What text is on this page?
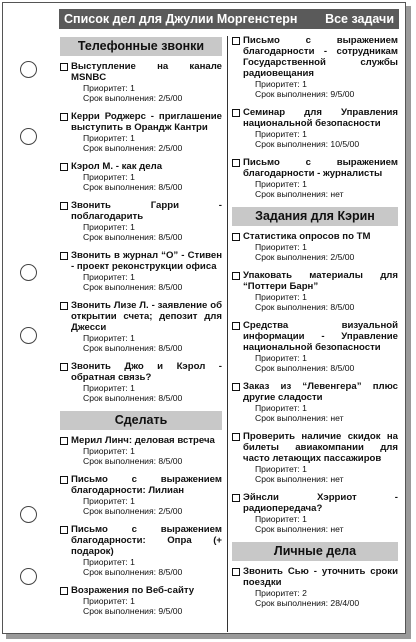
Список дел для Джулии Моргенстерн Все задачи
Телефонные звонки
Выступление на канале MSNBC
Приоритет: 1
Срок выполнения: 2/5/00
Керри Роджерс - приглашение выступить в Орандж Кантри
Приоритет: 1
Срок выполнения: 2/5/00
Кэрол М. - как дела
Приоритет: 1
Срок выполнения: 8/5/00
Звонить Гарри - поблагодарить
Приоритет: 1
Срок выполнения: 8/5/00
Звонить в журнал “О” - Стивен - проект реконструкции офиса
Приоритет: 1
Срок выполнения: 8/5/00
Звонить Лизе Л. - заявление об открытии счета; депозит для Джесси
Приоритет: 1
Срок выполнения: 8/5/00
Звонить Джо и Кэрол - обратная связь?
Приоритет: 1
Срок выполнения: 8/5/00
Сделать
Мерил Линч: деловая встреча
Приоритет: 1
Срок выполнения: 8/5/00
Письмо с выражением благодарности: Лилиан
Приоритет: 1
Срок выполнения: 2/5/00
Письмо с выражением благодарности: Опра (+ подарок)
Приоритет: 1
Срок выполнения: 8/5/00
Возражения по Веб-сайту
Приоритет: 1
Срок выполнения: 9/5/00
Письмо с выражением благодарности - сотрудникам Государственной службы радиовещания
Приоритет: 1
Срок выполнения: 9/5/00
Семинар для Управления национальной безопасности
Приоритет: 1
Срок выполнения: 10/5/00
Письмо с выражением благодарности - журналисты
Приоритет: 1
Срок выполнения: нет
Задания для Кэрин
Статистика опросов по ТМ
Приоритет: 1
Срок выполнения: 2/5/00
Упаковать материалы для “Поттери Барн”
Приоритет: 1
Срок выполнения: 8/5/00
Средства визуальной информации - Управление национальной безопасности
Приоритет: 1
Срок выполнения: 8/5/00
Заказ из “Левенгера” плюс другие сладости
Приоритет: 1
Срок выполнения: нет
Проверить наличие скидок на билеты авиакомпании для часто летающих пассажиров
Приоритет: 1
Срок выполнения: нет
Эйнсли Хэрриот - радиопередача?
Приоритет: 1
Срок выполнения: нет
Личные дела
Звонить Сью - уточнить сроки поездки
Приоритет: 2
Срок выполнения: 28/4/00
